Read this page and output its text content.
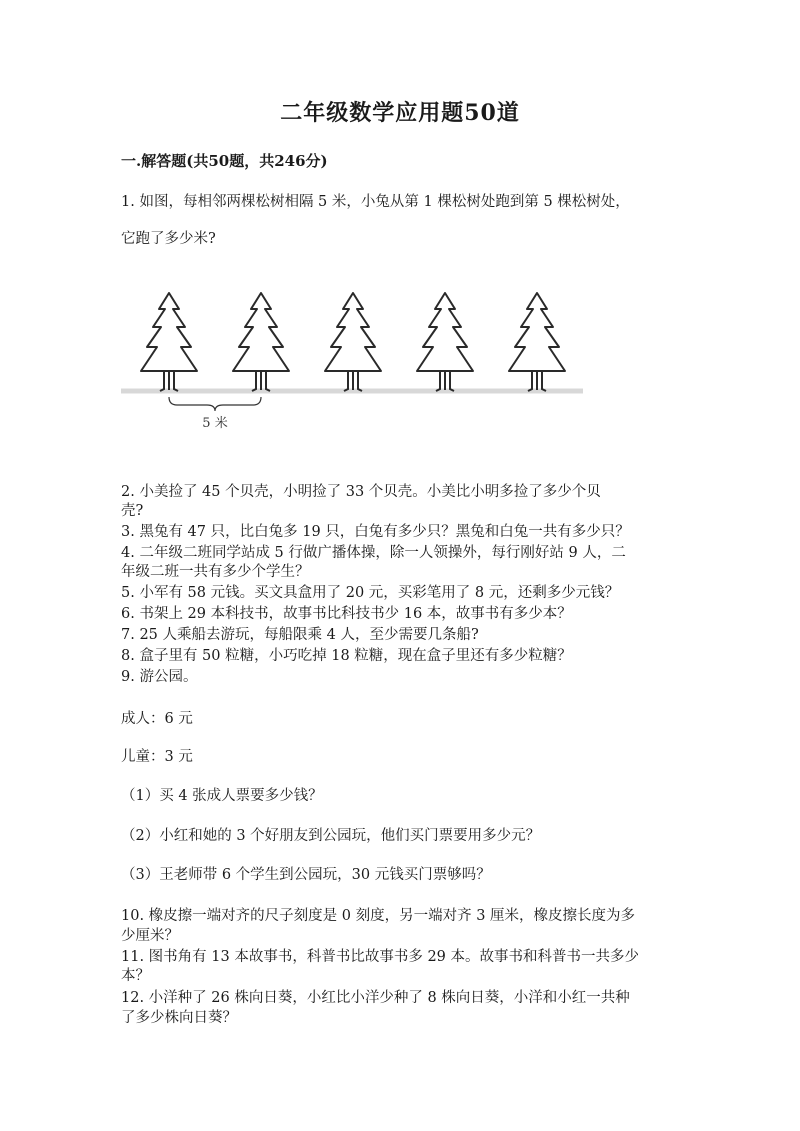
二年级数学应用题50道
一.解答题(共50题，共246分)
1. 如图，每相邻两棵松树相隔 5 米，小兔从第 1 棵松树处跑到第 5 棵松树处，
它跑了多少米?
5 米
2. 小美捡了 45 个贝壳，小明捡了 33 个贝壳。小美比小明多捡了多少个贝
壳?
3. 黑兔有 47 只，比白兔多 19 只，白兔有多少只？黑兔和白兔一共有多少只？
4. 二年级二班同学站成 5 行做广播体操，除一人领操外，每行刚好站 9 人，二
年级二班一共有多少个学生？
5. 小军有 58 元钱。买文具盒用了 20 元，买彩笔用了 8 元，还剩多少元钱？
6. 书架上 29 本科技书，故事书比科技书少 16 本，故事书有多少本？
7. 25 人乘船去游玩，每船限乘 4 人，至少需要几条船?
8. 盒子里有 50 粒糖，小巧吃掉 18 粒糖，现在盒子里还有多少粒糖？
9. 游公园。
成人：6 元
儿童：3 元
（1）买 4 张成人票要多少钱？
（2）小红和她的 3 个好朋友到公园玩，他们买门票要用多少元？
（3）王老师带 6 个学生到公园玩，30 元钱买门票够吗？
10. 橡皮擦一端对齐的尺子刻度是 0 刻度，另一端对齐 3 厘米，橡皮擦长度为多
少厘米？
11. 图书角有 13 本故事书，科普书比故事书多 29 本。故事书和科普书一共多少
本？
12. 小洋种了 26 株向日葵，小红比小洋少种了 8 株向日葵，小洋和小红一共种
了多少株向日葵？
